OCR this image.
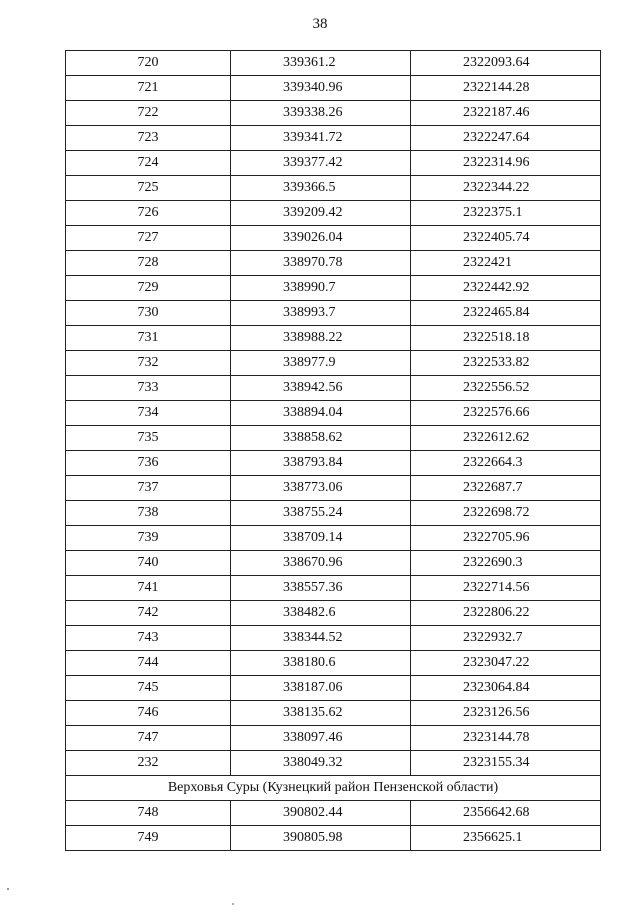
38
720	339361.2	2322093.64
721	339340.96	2322144.28
722	339338.26	2322187.46
723	339341.72	2322247.64
724	339377.42	2322314.96
725	339366.5	2322344.22
726	339209.42	2322375.1
727	339026.04	2322405.74
728	338970.78	2322421
729	338990.7	2322442.92
730	338993.7	2322465.84
731	338988.22	2322518.18
732	338977.9	2322533.82
733	338942.56	2322556.52
734	338894.04	2322576.66
735	338858.62	2322612.62
736	338793.84	2322664.3
737	338773.06	2322687.7
738	338755.24	2322698.72
739	338709.14	2322705.96
740	338670.96	2322690.3
741	338557.36	2322714.56
742	338482.6	2322806.22
743	338344.52	2322932.7
744	338180.6	2323047.22
745	338187.06	2323064.84
746	338135.62	2323126.56
747	338097.46	2323144.78
232	338049.32	2323155.34
Верховья Суры (Кузнецкий район Пензенской области)		
748	390802.44	2356642.68
749	390805.98	2356625.1
